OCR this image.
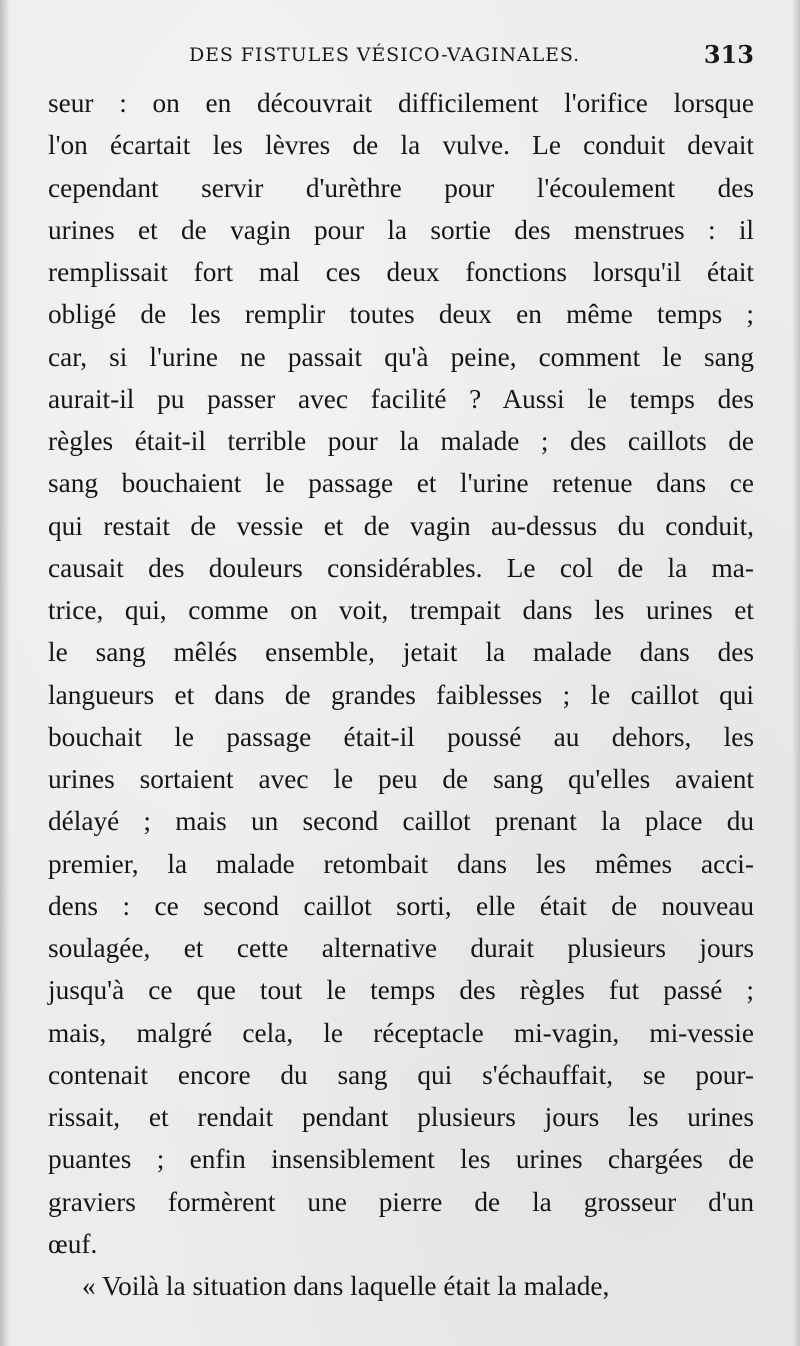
DES FISTULES VÉSICO-VAGINALES.	313
seur : on en découvrait difficilement l'orifice lorsque
l'on écartait les lèvres de la vulve. Le conduit devait
cependant servir d'urèthre pour l'écoulement des
urines et de vagin pour la sortie des menstrues : il
remplissait fort mal ces deux fonctions lorsqu'il était
obligé de les remplir toutes deux en même temps ;
car, si l'urine ne passait qu'à peine, comment le sang
aurait-il pu passer avec facilité ? Aussi le temps des
règles était-il terrible pour la malade ; des caillots de
sang bouchaient le passage et l'urine retenue dans ce
qui restait de vessie et de vagin au-dessus du conduit,
causait des douleurs considérables. Le col de la ma-
trice, qui, comme on voit, trempait dans les urines et
le sang mêlés ensemble, jetait la malade dans des
langueurs et dans de grandes faiblesses ; le caillot qui
bouchait le passage était-il poussé au dehors, les
urines sortaient avec le peu de sang qu'elles avaient
délayé ; mais un second caillot prenant la place du
premier, la malade retombait dans les mêmes acci-
dens : ce second caillot sorti, elle était de nouveau
soulagée, et cette alternative durait plusieurs jours
jusqu'à ce que tout le temps des règles fut passé ;
mais, malgré cela, le réceptacle mi-vagin, mi-vessie
contenait encore du sang qui s'échauffait, se pour-
rissait, et rendait pendant plusieurs jours les urines
puantes ; enfin insensiblement les urines chargées de
graviers formèrent une pierre de la grosseur d'un
œuf.
« Voilà la situation dans laquelle était la malade,
